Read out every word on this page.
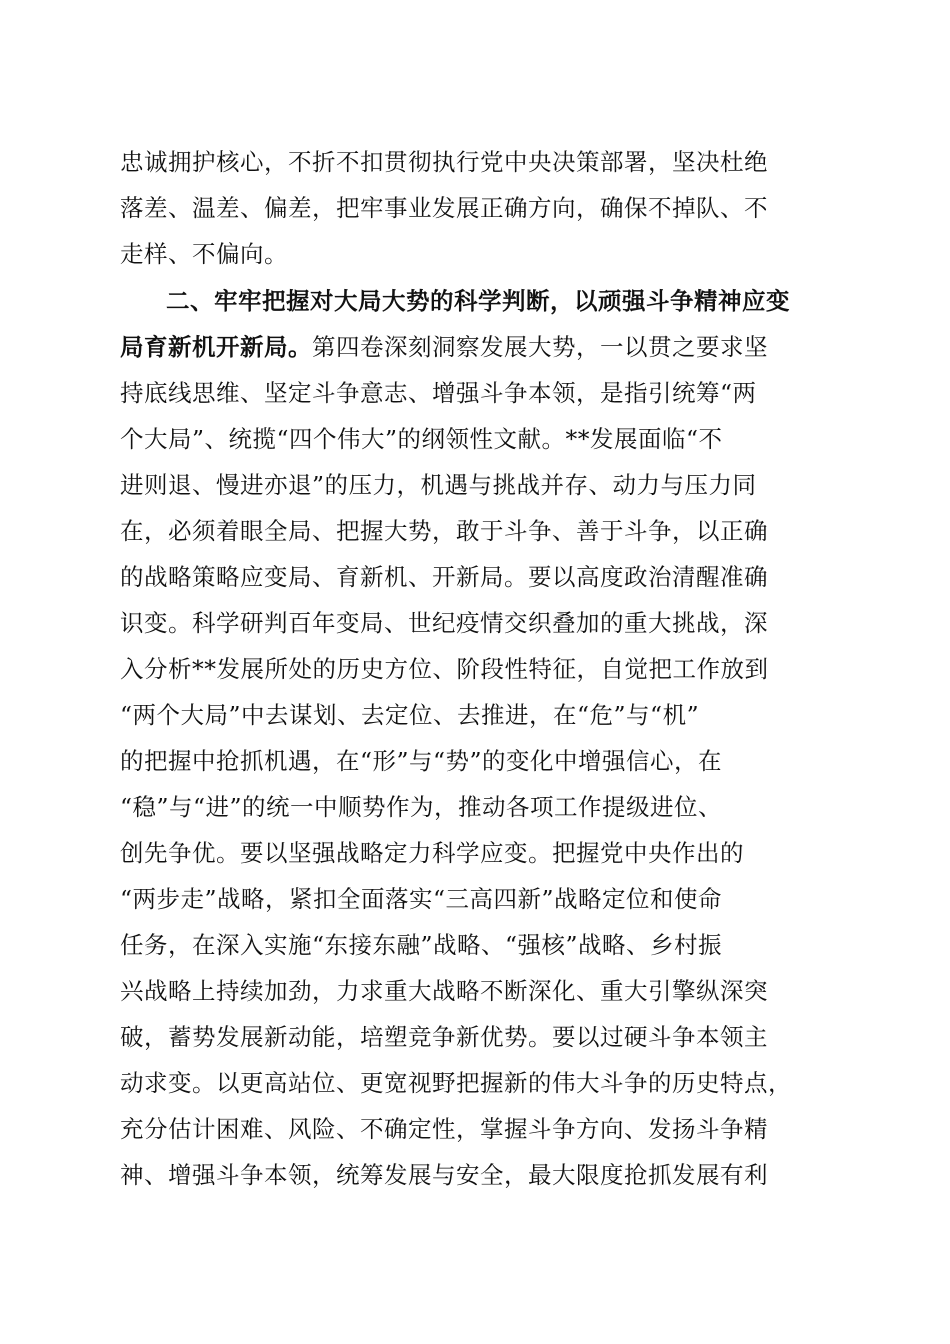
忠诚拥护核心，不折不扣贯彻执行党中央决策部署，坚决杜绝
落差、温差、偏差，把牢事业发展正确方向，确保不掉队、不
走样、不偏向。
二、牢牢把握对大局大势的科学判断，以顽强斗争精神应变
局育新机开新局。第四卷深刻洞察发展大势，一以贯之要求坚
持底线思维、坚定斗争意志、增强斗争本领，是指引统筹“两
个大局”、统揽“四个伟大”的纲领性文献。**发展面临“不
进则退、慢进亦退”的压力，机遇与挑战并存、动力与压力同
在，必须着眼全局、把握大势，敢于斗争、善于斗争，以正确
的战略策略应变局、育新机、开新局。要以高度政治清醒准确
识变。科学研判百年变局、世纪疫情交织叠加的重大挑战，深
入分析**发展所处的历史方位、阶段性特征，自觉把工作放到
“两个大局”中去谋划、去定位、去推进，在“危”与“机”
的把握中抢抓机遇，在“形”与“势”的变化中增强信心，在
“稳”与“进”的统一中顺势作为，推动各项工作提级进位、
创先争优。要以坚强战略定力科学应变。把握党中央作出的
“两步走”战略，紧扣全面落实“三高四新”战略定位和使命
任务，在深入实施“东接东融”战略、“强核”战略、乡村振
兴战略上持续加劲，力求重大战略不断深化、重大引擎纵深突
破，蓄势发展新动能，培塑竞争新优势。要以过硬斗争本领主
动求变。以更高站位、更宽视野把握新的伟大斗争的历史特点，
充分估计困难、风险、不确定性，掌握斗争方向、发扬斗争精
神、增强斗争本领，统筹发展与安全，最大限度抢抓发展有利
